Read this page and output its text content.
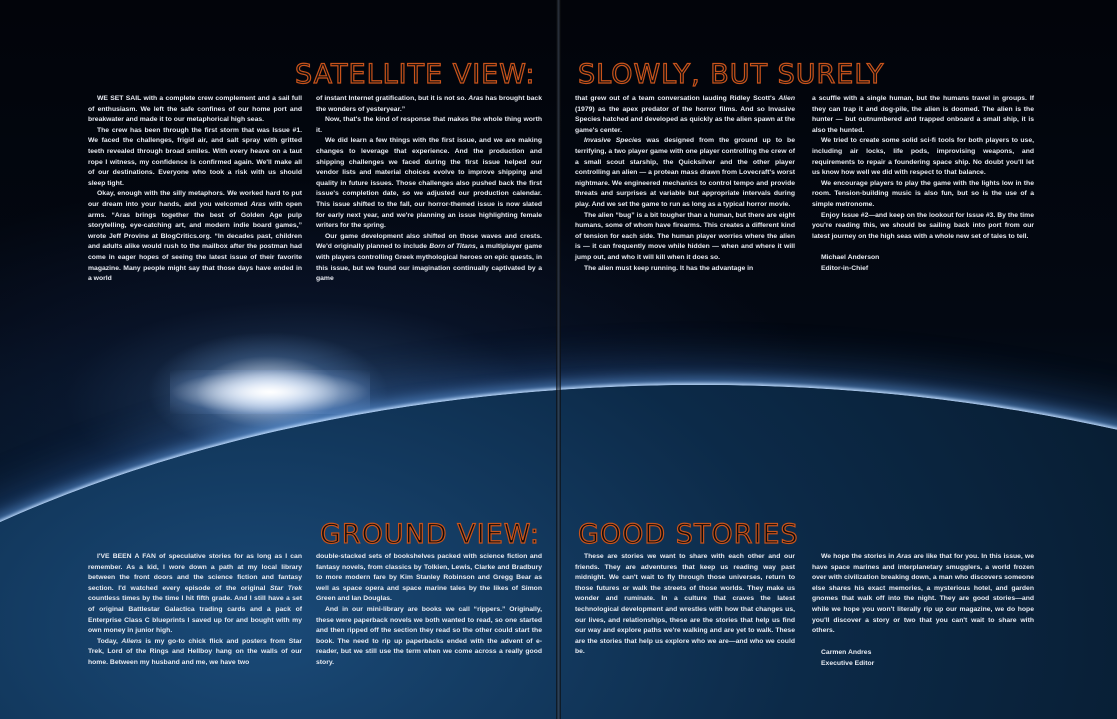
SATELLITE VIEW: SLOWLY, BUT SURELY
GROUND VIEW: GOOD STORIES

WE SET SAIL with a complete crew complement and a sail full of enthusiasm. We left the safe confines of our home port and breakwater and made it to our metaphorical high seas.

The crew has been through the first storm that was Issue #1. We faced the challenges, frigid air, and salt spray with gritted teeth revealed through broad smiles. With every heave on a taut rope I witness, my confidence is confirmed again. We'll make all of our destinations. Everyone who took a risk with us should sleep tight.

Okay, enough with the silly metaphors. We worked hard to put our dream into your hands, and you welcomed Aras with open arms. “Aras brings together the best of Golden Age pulp storytelling, eye-catching art, and modern indie board games,” wrote Jeff Provine at BlogCritics.org. “In decades past, children and adults alike would rush to the mailbox after the postman had come in eager hopes of seeing the latest issue of their favorite magazine. Many people might say that those days have ended in a world

of instant Internet gratification, but it is not so. Aras has brought back the wonders of yesteryear.”

Now, that's the kind of response that makes the whole thing worth it.

We did learn a few things with the first issue, and we are making changes to leverage that experience. And the production and shipping challenges we faced during the first issue helped our vendor lists and material choices evolve to improve shipping and quality in future issues. Those challenges also pushed back the first issue's completion date, so we adjusted our production calendar. This issue shifted to the fall, our horror-themed issue is now slated for early next year, and we're planning an issue highlighting female writers for the spring.

Our game development also shifted on those waves and crests. We'd originally planned to include Born of Titans, a multiplayer game with players controlling Greek mythological heroes on epic quests, in this issue, but we found our imagination continually captivated by a game

that grew out of a team conversation lauding Ridley Scott's Alien (1979) as the apex predator of the horror films. And so Invasive Species hatched and developed as quickly as the alien spawn at the game's center.

Invasive Species was designed from the ground up to be terrifying, a two player game with one player controlling the crew of a small scout starship, the Quicksilver and the other player controlling an alien — a protean mass drawn from Lovecraft's worst nightmare. We engineered mechanics to control tempo and provide threats and surprises at variable but appropriate intervals during play. And we set the game to run as long as a typical horror movie.

The alien “bug” is a bit tougher than a human, but there are eight humans, some of whom have firearms. This creates a different kind of tension for each side. The human player worries where the alien is — it can frequently move while hidden — when and where it will jump out, and who it will kill when it does so.

The alien must keep running. It has the advantage in

a scuffle with a single human, but the humans travel in groups. If they can trap it and dog-pile, the alien is doomed. The alien is the hunter — but outnumbered and trapped onboard a small ship, it is also the hunted.

We tried to create some solid sci-fi tools for both players to use, including air locks, life pods, improvising weapons, and requirements to repair a foundering space ship. No doubt you'll let us know how well we did with respect to that balance.

We encourage players to play the game with the lights low in the room. Tension-building music is also fun, but so is the use of a simple metronome.

Enjoy Issue #2—and keep on the lookout for Issue #3. By the time you're reading this, we should be sailing back into port from our latest journey on the high seas with a whole new set of tales to tell.

Michael Anderson

Editor-in-Chief

I'VE BEEN A FAN of speculative stories for as long as I can remember. As a kid, I wore down a path at my local library between the front doors and the science fiction and fantasy section. I'd watched every episode of the original Star Trek countless times by the time I hit fifth grade. And I still have a set of original Battlestar Galactica trading cards and a pack of Enterprise Class C blueprints I saved up for and bought with my own money in junior high.

Today, Aliens is my go-to chick flick and posters from Star Trek, Lord of the Rings and Hellboy hang on the walls of our home. Between my husband and me, we have two

double-stacked sets of bookshelves packed with science fiction and fantasy novels, from classics by Tolkien, Lewis, Clarke and Bradbury to more modern fare by Kim Stanley Robinson and Gregg Bear as well as space opera and space marine tales by the likes of Simon Green and Ian Douglas.

And in our mini-library are books we call “rippers.” Originally, these were paperback novels we both wanted to read, so one started and then ripped off the section they read so the other could start the book. The need to rip up paperbacks ended with the advent of e-reader, but we still use the term when we come across a really good story.

These are stories we want to share with each other and our friends. They are adventures that keep us reading way past midnight. We can't wait to fly through those universes, return to those futures or walk the streets of those worlds. They make us wonder and ruminate. In a culture that craves the latest technological development and wrestles with how that changes us, our lives, and relationships, these are the stories that help us find our way and explore paths we're walking and are yet to walk. These are the stories that help us explore who we are—and who we could be.

We hope the stories in Aras are like that for you. In this issue, we have space marines and interplanetary smugglers, a world frozen over with civilization breaking down, a man who discovers someone else shares his exact memories, a mysterious hotel, and garden gnomes that walk off into the night. They are good stories—and while we hope you won't literally rip up our magazine, we do hope you'll discover a story or two that you can't wait to share with others.

Carmen Andres

Executive Editor
